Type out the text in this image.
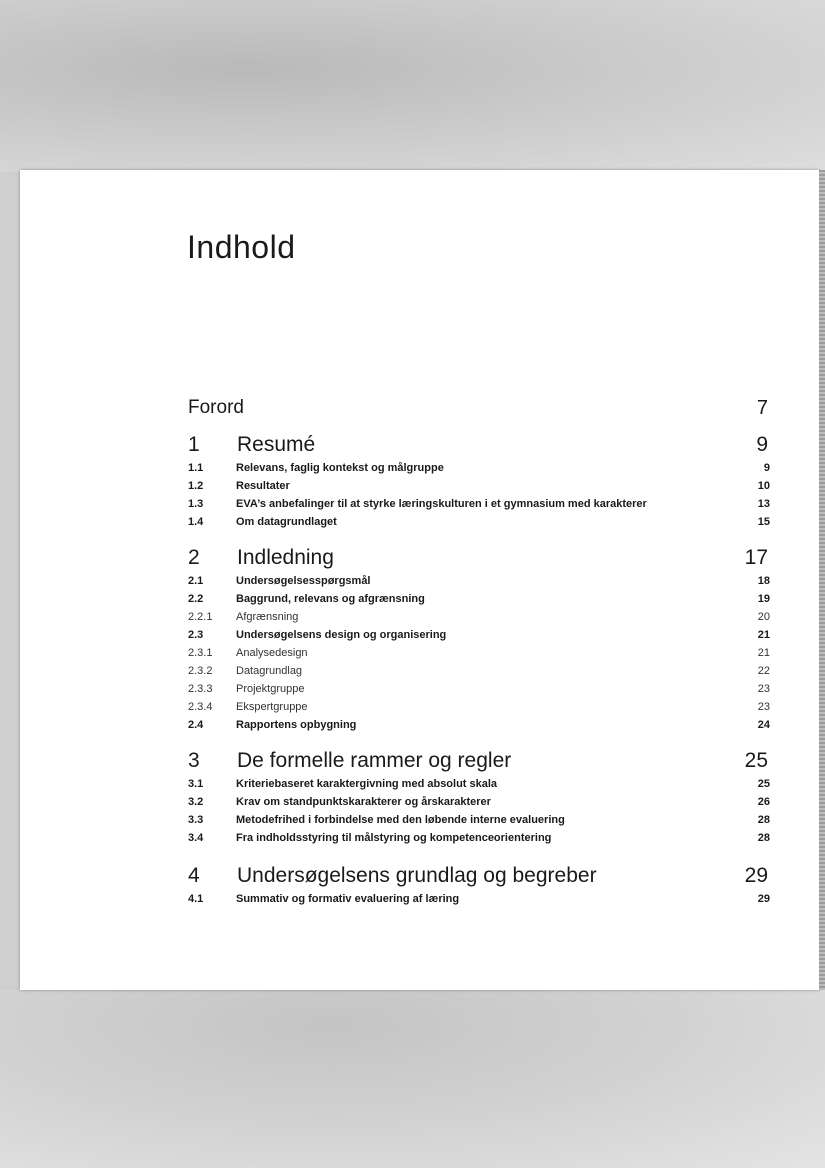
Indhold
Forord	7
1 Resumé	9
1.1	Relevans, faglig kontekst og målgruppe	9
1.2	Resultater	10
1.3	EVA’s anbefalinger til at styrke læringskulturen i et gymnasium med karakterer	13
1.4	Om datagrundlaget	15
2 Indledning	17
2.1	Undersøgelsesspørgsmål	18
2.2	Baggrund, relevans og afgrænsning	19
2.2.1 Afgrænsning	20
2.3	Undersøgelsens design og organisering	21
2.3.1 Analysedesign	21
2.3.2 Datagrundlag	22
2.3.3 Projektgruppe	23
2.3.4 Ekspertgruppe	23
2.4	Rapportens opbygning	24
3 De formelle rammer og regler	25
3.1	Kriteriebaseret karaktergivning med absolut skala	25
3.2	Krav om standpunktskarakterer og årskarakterer	26
3.3	Metodefrihed i forbindelse med den løbende interne evaluering	28
3.4	Fra indholdsstyring til målstyring og kompetenceorientering	28
4 Undersøgelsens grundlag og begreber	29
4.1	Summativ og formativ evaluering af læring	29
